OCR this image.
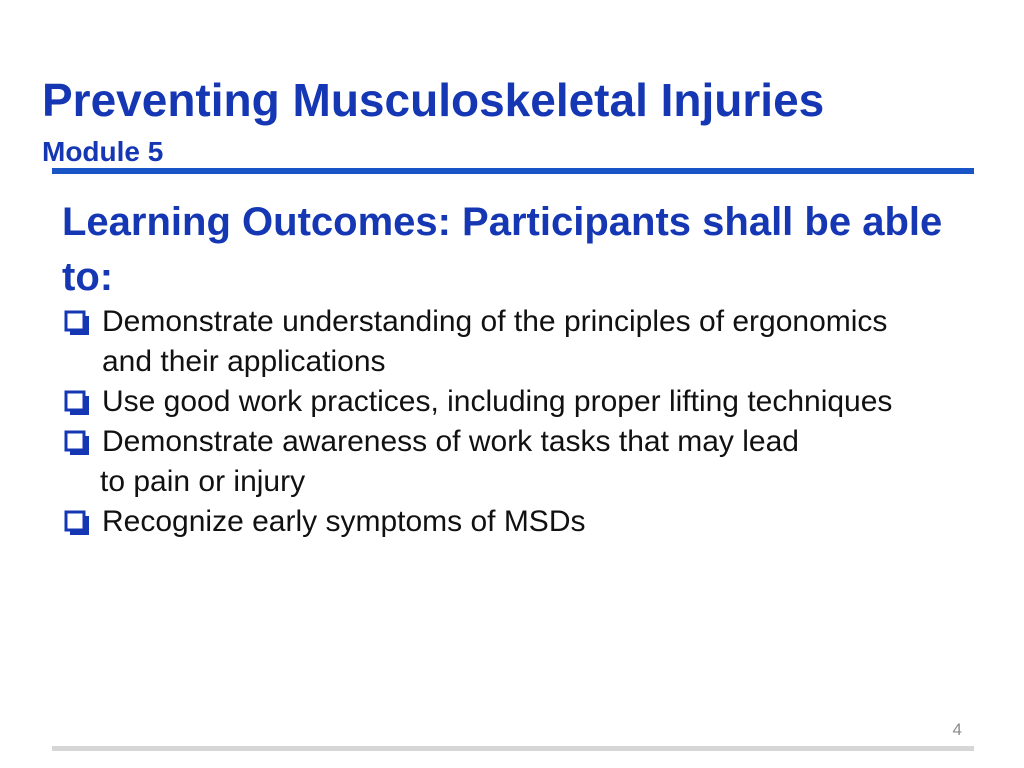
Preventing Musculoskeletal Injuries
Module 5
Learning Outcomes: Participants shall be able to:
Demonstrate understanding of the principles of ergonomics
and their applications
Use good work practices, including proper lifting techniques
Demonstrate awareness of work tasks that may lead
to pain or injury
Recognize early symptoms of MSDs
4
